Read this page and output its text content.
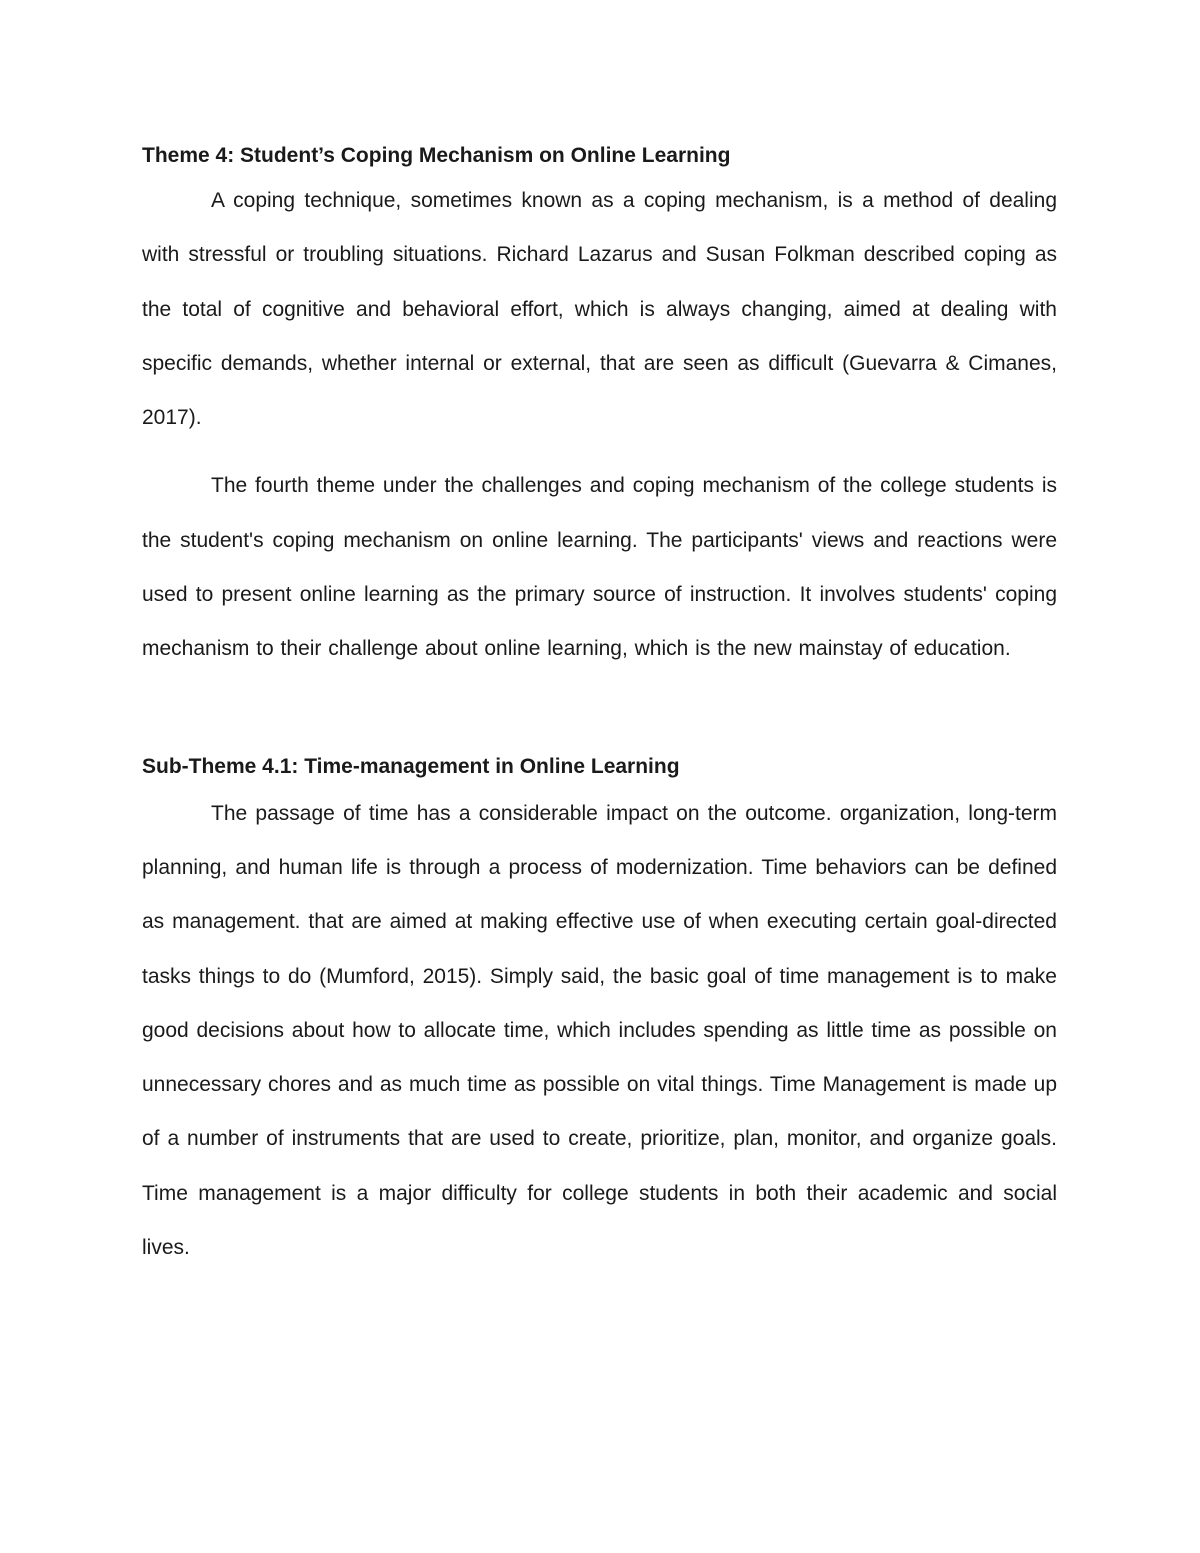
Theme 4: Student’s Coping Mechanism on Online Learning

A coping technique, sometimes known as a coping mechanism, is a method of dealing with stressful or troubling situations. Richard Lazarus and Susan Folkman described coping as the total of cognitive and behavioral effort, which is always changing, aimed at dealing with specific demands, whether internal or external, that are seen as difficult (Guevarra & Cimanes, 2017).

The fourth theme under the challenges and coping mechanism of the college students is the student's coping mechanism on online learning. The participants' views and reactions were used to present online learning as the primary source of instruction. It involves students' coping mechanism to their challenge about online learning, which is the new mainstay of education.

Sub-Theme 4.1: Time-management in Online Learning

The passage of time has a considerable impact on the outcome. organization, long-term planning, and human life is through a process of modernization. Time behaviors can be defined as management. that are aimed at making effective use of when executing certain goal-directed tasks things to do (Mumford, 2015). Simply said, the basic goal of time management is to make good decisions about how to allocate time, which includes spending as little time as possible on unnecessary chores and as much time as possible on vital things. Time Management is made up of a number of instruments that are used to create, prioritize, plan, monitor, and organize goals. Time management is a major difficulty for college students in both their academic and social lives.
